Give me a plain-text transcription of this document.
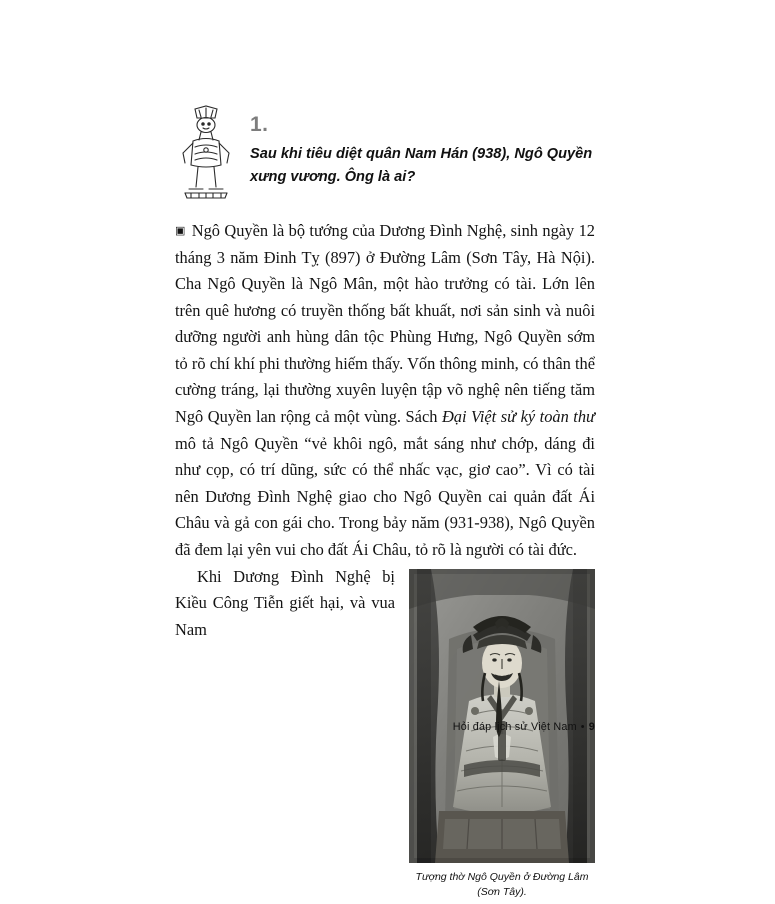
1.
Sau khi tiêu diệt quân Nam Hán (938), Ngô Quyền xưng vương. Ông là ai?

▣ Ngô Quyền là bộ tướng của Dương Đình Nghệ, sinh ngày 12 tháng 3 năm Đinh Tỵ (897) ở Đường Lâm (Sơn Tây, Hà Nội). Cha Ngô Quyền là Ngô Mân, một hào trưởng có tài. Lớn lên trên quê hương có truyền thống bất khuất, nơi sản sinh và nuôi dưỡng người anh hùng dân tộc Phùng Hưng, Ngô Quyền sớm tỏ rõ chí khí phi thường hiếm thấy. Vốn thông minh, có thân thể cường tráng, lại thường xuyên luyện tập võ nghệ nên tiếng tăm Ngô Quyền lan rộng cả một vùng. Sách Đại Việt sử ký toàn thư mô tả Ngô Quyền “vẻ khôi ngô, mắt sáng như chớp, dáng đi như cọp, có trí dũng, sức có thể nhấc vạc, giơ cao”. Vì có tài nên Dương Đình Nghệ giao cho Ngô Quyền cai quản đất Ái Châu và gả con gái cho. Trong bảy năm (931-938), Ngô Quyền đã đem lại yên vui cho đất Ái Châu, tỏ rõ là người có tài đức.

Tượng thờ Ngô Quyền ở Đường Lâm
(Sơn Tây).

Khi Dương Đình Nghệ bị Kiều Công Tiễn giết hại, và vua Nam

Hỏi đáp lịch sử Việt Nam • 9
